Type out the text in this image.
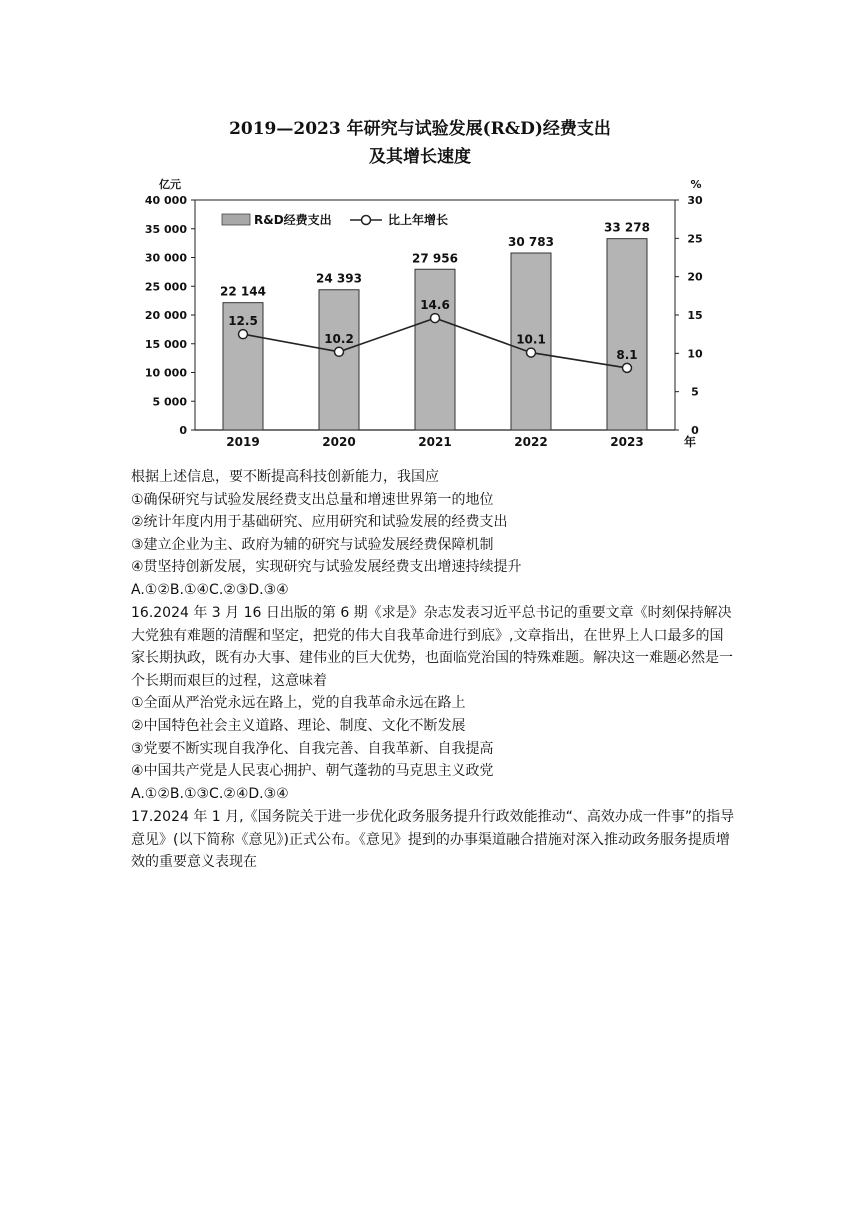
2019—2023 年研究与试验发展(R&D)经费支出
及其增长速度
亿元	%
0
5 000
10 000
15 000
20 000
25 000
30 000
35 000
40 000
0
5
10
15
20
25
30
22 144
24 393
27 956
30 783
33 278
12.5
10.2
14.6
10.1
8.1
2019	2020	2021	2022	2023	年
R&D经费支出	比上年增长

根据上述信息，要不断提高科技创新能力，我国应

①确保研究与试验发展经费支出总量和增速世界第一的地位

②统计年度内用于基础研究、应用研究和试验发展的经费支出

③建立企业为主、政府为辅的研究与试验发展经费保障机制

④贯坚持创新发展，实现研究与试验发展经费支出增速持续提升

A.①②B.①④C.②③D.③④

16.2024 年 3 月 16 日出版的第 6 期《求是》杂志发表习近平总书记的重要文章《时刻保持解决大党独有难题的清醒和坚定，把党的伟大自我革命进行到底》,文章指出，在世界上人口最多的国家长期执政，既有办大事、建伟业的巨大优势，也面临党治国的特殊难题。解决这一难题必然是一个长期而艰巨的过程，这意味着

①全面从严治党永远在路上，党的自我革命永远在路上

②中国特色社会主义道路、理论、制度、文化不断发展

③党要不断实现自我净化、自我完善、自我革新、自我提高

④中国共产党是人民衷心拥护、朝气蓬勃的马克思主义政党

A.①②B.①③C.②④D.③④

17.2024 年 1 月,《国务院关于进一步优化政务服务提升行政效能推动“、高效办成一件事”的指导意见》(以下简称《意见》)正式公布。《意见》提到的办事渠道融合措施对深入推动政务服务提质增效的重要意义表现在
